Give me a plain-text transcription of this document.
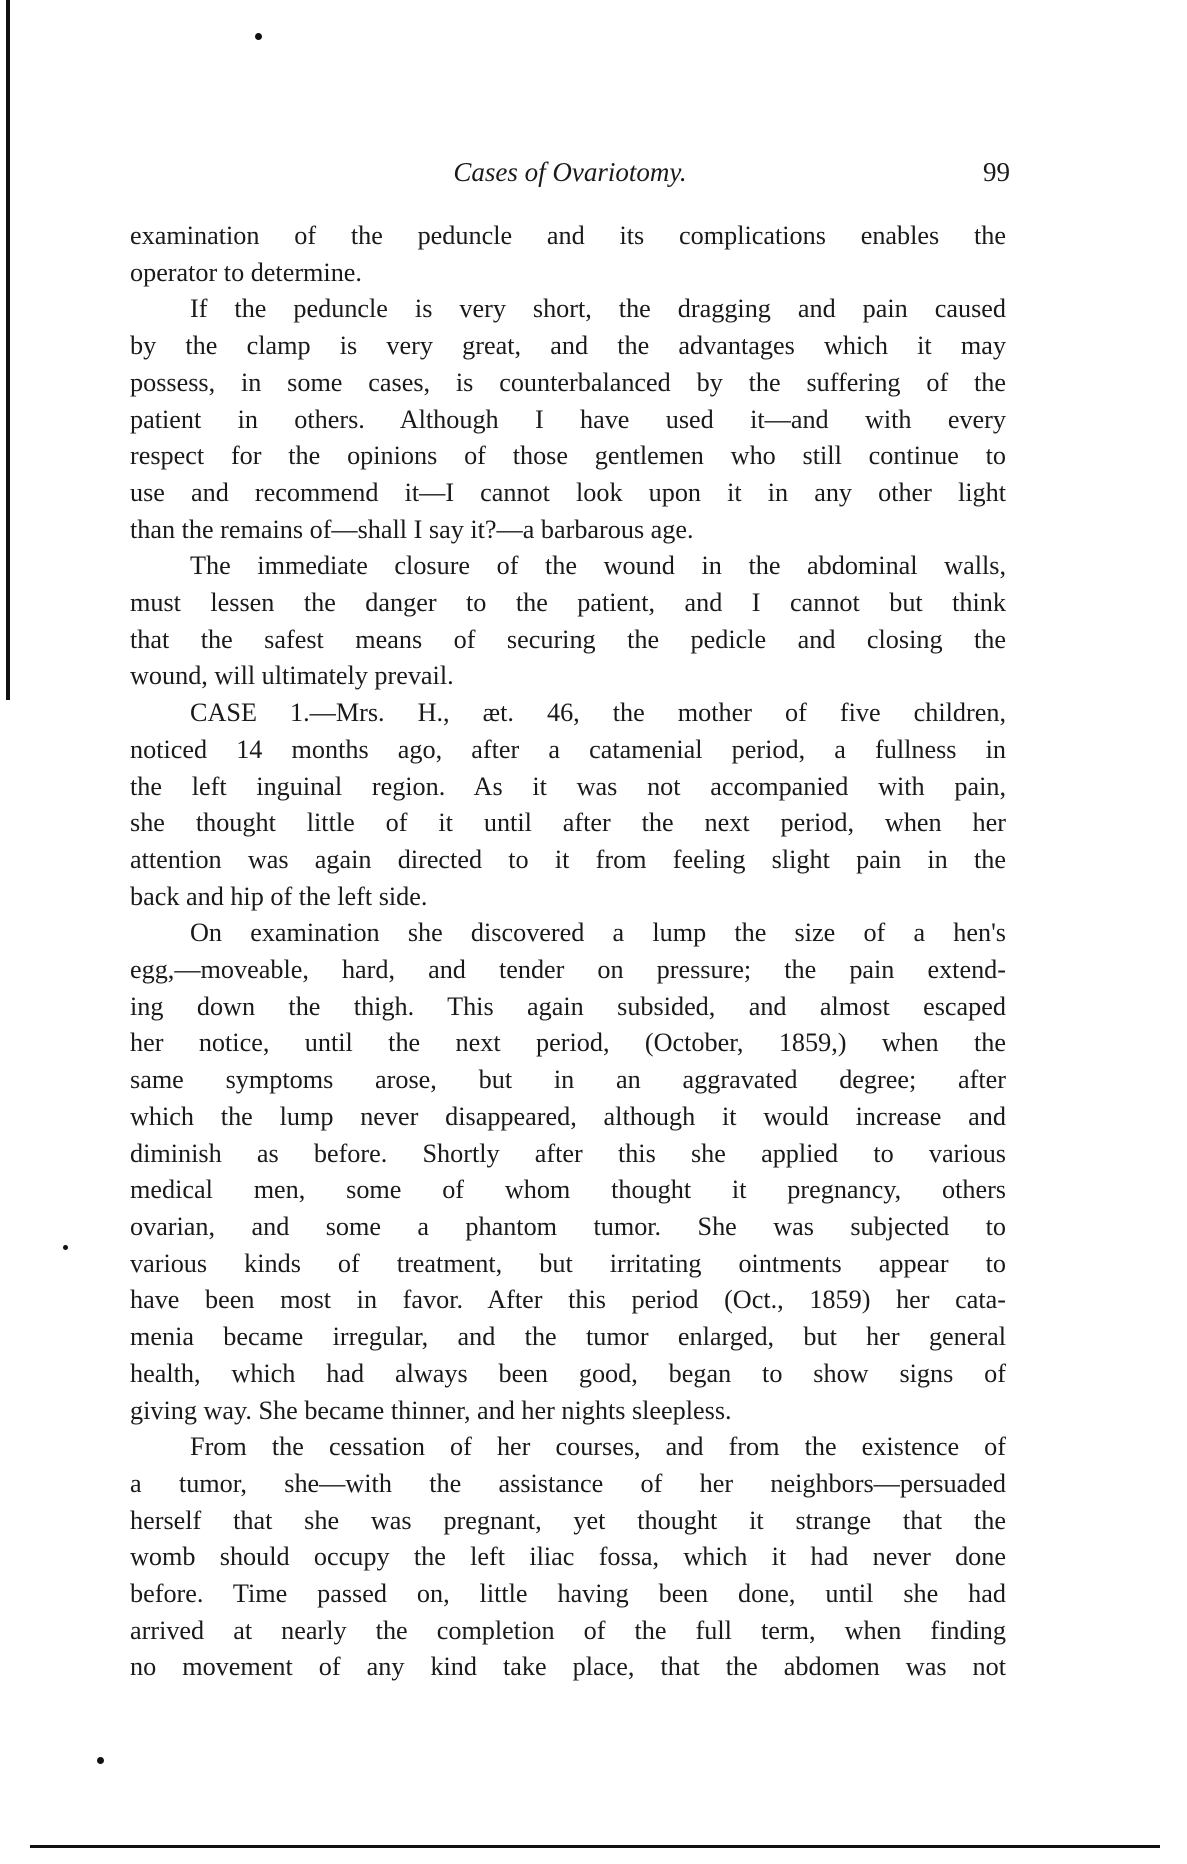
Cases of Ovariotomy.	99
examination of the peduncle and its complications enables the
operator to determine.
If the peduncle is very short, the dragging and pain caused
by the clamp is very great, and the advantages which it may
possess, in some cases, is counterbalanced by the suffering of the
patient in others. Although I have used it—and with every
respect for the opinions of those gentlemen who still continue to
use and recommend it—I cannot look upon it in any other light
than the remains of—shall I say it?—a barbarous age.
The immediate closure of the wound in the abdominal walls,
must lessen the danger to the patient, and I cannot but think
that the safest means of securing the pedicle and closing the
wound, will ultimately prevail.
CASE 1.—Mrs. H., æt. 46, the mother of five children,
noticed 14 months ago, after a catamenial period, a fullness in
the left inguinal region. As it was not accompanied with pain,
she thought little of it until after the next period, when her
attention was again directed to it from feeling slight pain in the
back and hip of the left side.
On examination she discovered a lump the size of a hen's
egg,—moveable, hard, and tender on pressure; the pain extend-
ing down the thigh. This again subsided, and almost escaped
her notice, until the next period, (October, 1859,) when the
same symptoms arose, but in an aggravated degree; after
which the lump never disappeared, although it would increase and
diminish as before. Shortly after this she applied to various
medical men, some of whom thought it pregnancy, others
ovarian, and some a phantom tumor. She was subjected to
various kinds of treatment, but irritating ointments appear to
have been most in favor. After this period (Oct., 1859) her cata-
menia became irregular, and the tumor enlarged, but her general
health, which had always been good, began to show signs of
giving way. She became thinner, and her nights sleepless.
From the cessation of her courses, and from the existence of
a tumor, she—with the assistance of her neighbors—persuaded
herself that she was pregnant, yet thought it strange that the
womb should occupy the left iliac fossa, which it had never done
before. Time passed on, little having been done, until she had
arrived at nearly the completion of the full term, when finding
no movement of any kind take place, that the abdomen was not
